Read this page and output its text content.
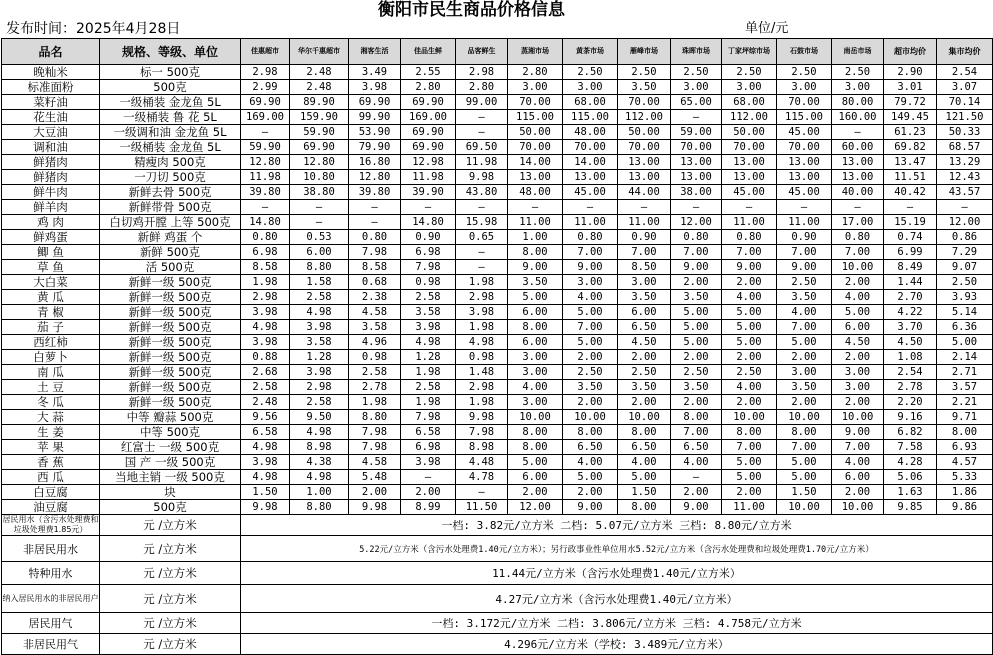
衡阳市民生商品价格信息
发布时间：2025年4月28日	单位/元
品名	规格、等级、单位	佳惠超市	华尔千惠超市	湘客生活	佳品生鲜	品客鲜生	蒸湘市场	黄茶市场	雁峰市场	珠晖市场	丁家坪综市场	石鼓市场	南岳市场	超市均价	集市均价
晚籼米	标一 500克	2.98	2.48	3.49	2.55	2.98	2.80	2.50	2.50	2.50	2.50	2.50	2.50	2.90	2.54
标准面粉	500克	2.99	2.48	3.98	2.80	2.80	3.00	3.00	3.50	3.00	3.00	3.00	3.00	3.01	3.07
菜籽油	一级桶装 金龙鱼 5L	69.90	89.90	69.90	69.90	99.00	70.00	68.00	70.00	65.00	68.00	70.00	80.00	79.72	70.14
花生油	一级桶装 鲁 花 5L	169.00	159.90	99.90	169.00	—	115.00	115.00	112.00	—	112.00	115.00	160.00	149.45	121.50
大豆油	一级调和油 金龙鱼 5L	—	59.90	53.90	69.90	—	50.00	48.00	50.00	59.00	50.00	45.00	—	61.23	50.33
调和油	一级桶装 金龙鱼 5L	59.90	69.90	79.90	69.90	69.50	70.00	70.00	70.00	70.00	70.00	70.00	60.00	69.82	68.57
鲜猪肉	精瘦肉 500克	12.80	12.80	16.80	12.98	11.98	14.00	14.00	13.00	13.00	13.00	13.00	13.00	13.47	13.29
鲜猪肉	一刀切 500克	11.98	10.80	12.80	11.98	9.98	13.00	13.00	13.00	13.00	13.00	13.00	13.00	11.51	12.43
鲜牛肉	新鲜去骨 500克	39.80	38.80	39.80	39.90	43.80	48.00	45.00	44.00	38.00	45.00	45.00	40.00	40.42	43.57
鲜羊肉	新鲜带骨 500克	—	—	—	—	—	—	—	—	—	—	—	—	—	—
鸡 肉	白切鸡开膛 上等 500克	14.80	—	—	14.80	15.98	11.00	11.00	11.00	12.00	11.00	11.00	17.00	15.19	12.00
鲜鸡蛋	新鲜 鸡蛋 个	0.80	0.53	0.80	0.90	0.65	1.00	0.80	0.90	0.80	0.80	0.90	0.80	0.74	0.86
鲫 鱼	新鲜 500克	6.98	6.00	7.98	6.98	—	8.00	7.00	7.00	7.00	7.00	7.00	7.00	6.99	7.29
草 鱼	活 500克	8.58	8.80	8.58	7.98	—	9.00	9.00	8.50	9.00	9.00	9.00	10.00	8.49	9.07
大白菜	新鲜一级 500克	1.98	1.58	0.68	0.98	1.98	3.50	3.00	3.00	2.00	2.00	2.50	2.00	1.44	2.50
黄 瓜	新鲜一级 500克	2.98	2.58	2.38	2.58	2.98	5.00	4.00	3.50	3.50	4.00	3.50	4.00	2.70	3.93
青 椒	新鲜一级 500克	3.98	4.98	4.58	3.58	3.98	6.00	5.00	6.00	5.00	5.00	4.00	5.00	4.22	5.14
茄 子	新鲜一级 500克	4.98	3.98	3.58	3.98	1.98	8.00	7.00	6.50	5.00	5.00	7.00	6.00	3.70	6.36
西红柿	新鲜一级 500克	3.98	3.58	4.96	4.98	4.98	6.00	5.00	4.50	5.00	5.00	5.00	4.50	4.50	5.00
白萝卜	新鲜一级 500克	0.88	1.28	0.98	1.28	0.98	3.00	2.00	2.00	2.00	2.00	2.00	2.00	1.08	2.14
南 瓜	新鲜一级 500克	2.68	3.98	2.58	1.98	1.48	3.00	2.50	2.50	2.50	2.50	3.00	3.00	2.54	2.71
土 豆	新鲜一级 500克	2.58	2.98	2.78	2.58	2.98	4.00	3.50	3.50	3.50	4.00	3.50	3.00	2.78	3.57
冬 瓜	新鲜一级 500克	2.48	2.58	1.98	1.98	1.98	3.00	2.00	2.00	2.00	2.00	2.00	2.00	2.20	2.21
大 蒜	中等 瓣蒜 500克	9.56	9.50	8.80	7.98	9.98	10.00	10.00	10.00	8.00	10.00	10.00	10.00	9.16	9.71
生 姜	中等 500克	6.58	4.98	7.98	6.58	7.98	8.00	8.00	8.00	7.00	8.00	8.00	9.00	6.82	8.00
苹 果	红富士 一级 500克	4.98	8.98	7.98	6.98	8.98	8.00	6.50	6.50	6.50	7.00	7.00	7.00	7.58	6.93
香 蕉	国 产 一级 500克	3.98	4.38	4.58	3.98	4.48	5.00	4.00	4.00	4.00	5.00	5.00	4.00	4.28	4.57
西 瓜	当地主销 一级 500克	4.98	4.98	5.48	—	4.78	6.00	5.00	5.00	—	5.00	5.00	6.00	5.06	5.33
白豆腐	块	1.50	1.00	2.00	2.00	—	2.00	2.00	1.50	2.00	2.00	1.50	2.00	1.63	1.86
油豆腐	500克	9.98	8.80	9.98	8.99	11.50	12.00	9.00	8.00	9.00	11.00	10.00	10.00	9.85	9.86
居民用水（含污水处理费和垃圾处理费1.85元）	元 /立方米	一档: 3.82元/立方米 二档: 5.07元/立方米 三档: 8.80元/立方米													
非居民用水	元 /立方米	5.22元/立方米（含污水处理费1.40元/立方米）；另行政事业性单位用水5.52元/立方米（含污水处理费和垃圾处理费1.70元/立方米）													
特种用水	元 /立方米	11.44元/立方米（含污水处理费1.40元/立方米）													
纳入居民用水的非居民用户	元 /立方米	4.27元/立方米（含污水处理费1.40元/立方米）													
居民用气	元 /立方米	一档: 3.172元/立方米 二档: 3.806元/立方米 三档: 4.758元/立方米													
非居民用气	元 /立方米	4.296元/立方米（学校: 3.489元/立方米）													
